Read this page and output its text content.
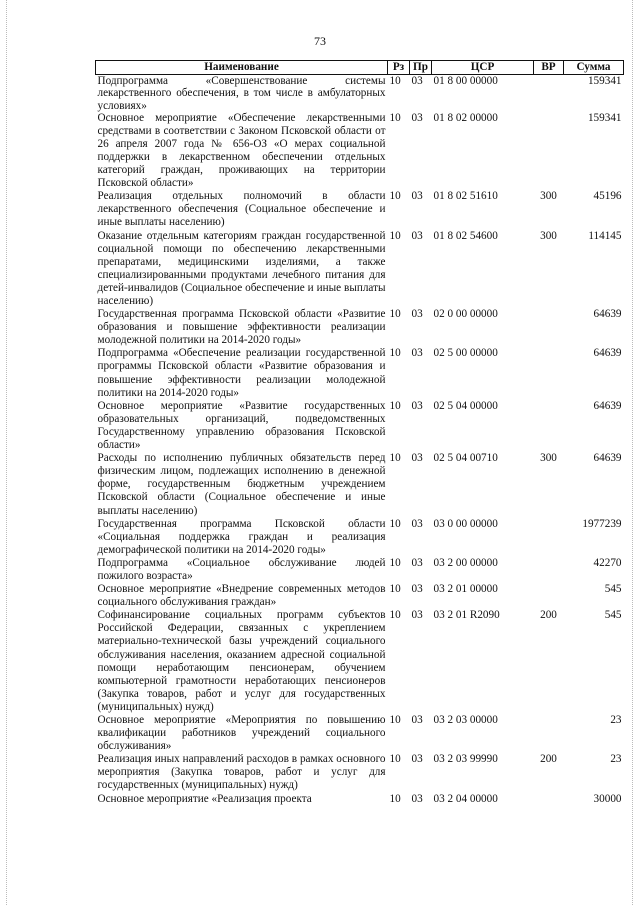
73
Наименование	Рз	Пр	ЦСР	ВР	Сумма
Подпрограмма «Совершенствование системы лекарственного обеспечения, в том числе в амбулаторных условиях»	10	03	01 8 00 00000		159341
Основное мероприятие «Обеспечение лекарственными средствами в соответствии с Законом Псковской области от 26 апреля 2007 года № 656-ОЗ «О мерах социальной поддержки в лекарственном обеспечении отдельных категорий граждан, проживающих на территории Псковской области»	10	03	01 8 02 00000		159341
Реализация отдельных полномочий в области лекарственного обеспечения (Социальное обеспечение и иные выплаты населению)	10	03	01 8 02 51610	300	45196
Оказание отдельным категориям граждан государственной социальной помощи по обеспечению лекарственными препаратами, медицинскими изделиями, а также специализированными продуктами лечебного питания для детей-инвалидов (Социальное обеспечение и иные выплаты населению)	10	03	01 8 02 54600	300	114145
Государственная программа Псковской области «Развитие образования и повышение эффективности реализации молодежной политики на 2014-2020 годы»	10	03	02 0 00 00000		64639
Подпрограмма «Обеспечение реализации государственной программы Псковской области «Развитие образования и повышение эффективности реализации молодежной политики на 2014-2020 годы»	10	03	02 5 00 00000		64639
Основное мероприятие «Развитие государственных образовательных организаций, подведомственных Государственному управлению образования Псковской области»	10	03	02 5 04 00000		64639
Расходы по исполнению публичных обязательств перед физическим лицом, подлежащих исполнению в денежной форме, государственным бюджетным учреждением Псковской области (Социальное обеспечение и иные выплаты населению)	10	03	02 5 04 00710	300	64639
Государственная программа Псковской области «Социальная поддержка граждан и реализация демографической политики на 2014-2020 годы»	10	03	03 0 00 00000		1977239
Подпрограмма «Социальное обслуживание людей пожилого возраста»	10	03	03 2 00 00000		42270
Основное мероприятие «Внедрение современных методов социального обслуживания граждан»	10	03	03 2 01 00000		545
Софинансирование социальных программ субъектов Российской Федерации, связанных с укреплением материально-технической базы учреждений социального обслуживания населения, оказанием адресной социальной помощи неработающим пенсионерам, обучением компьютерной грамотности неработающих пенсионеров (Закупка товаров, работ и услуг для государственных (муниципальных) нужд)	10	03	03 2 01 R2090	200	545
Основное мероприятие «Мероприятия по повышению квалификации работников учреждений социального обслуживания»	10	03	03 2 03 00000		23
Реализация иных направлений расходов в рамках основного мероприятия (Закупка товаров, работ и услуг для государственных (муниципальных) нужд)	10	03	03 2 03 99990	200	23
Основное мероприятие «Реализация проекта	10	03	03 2 04 00000		30000
